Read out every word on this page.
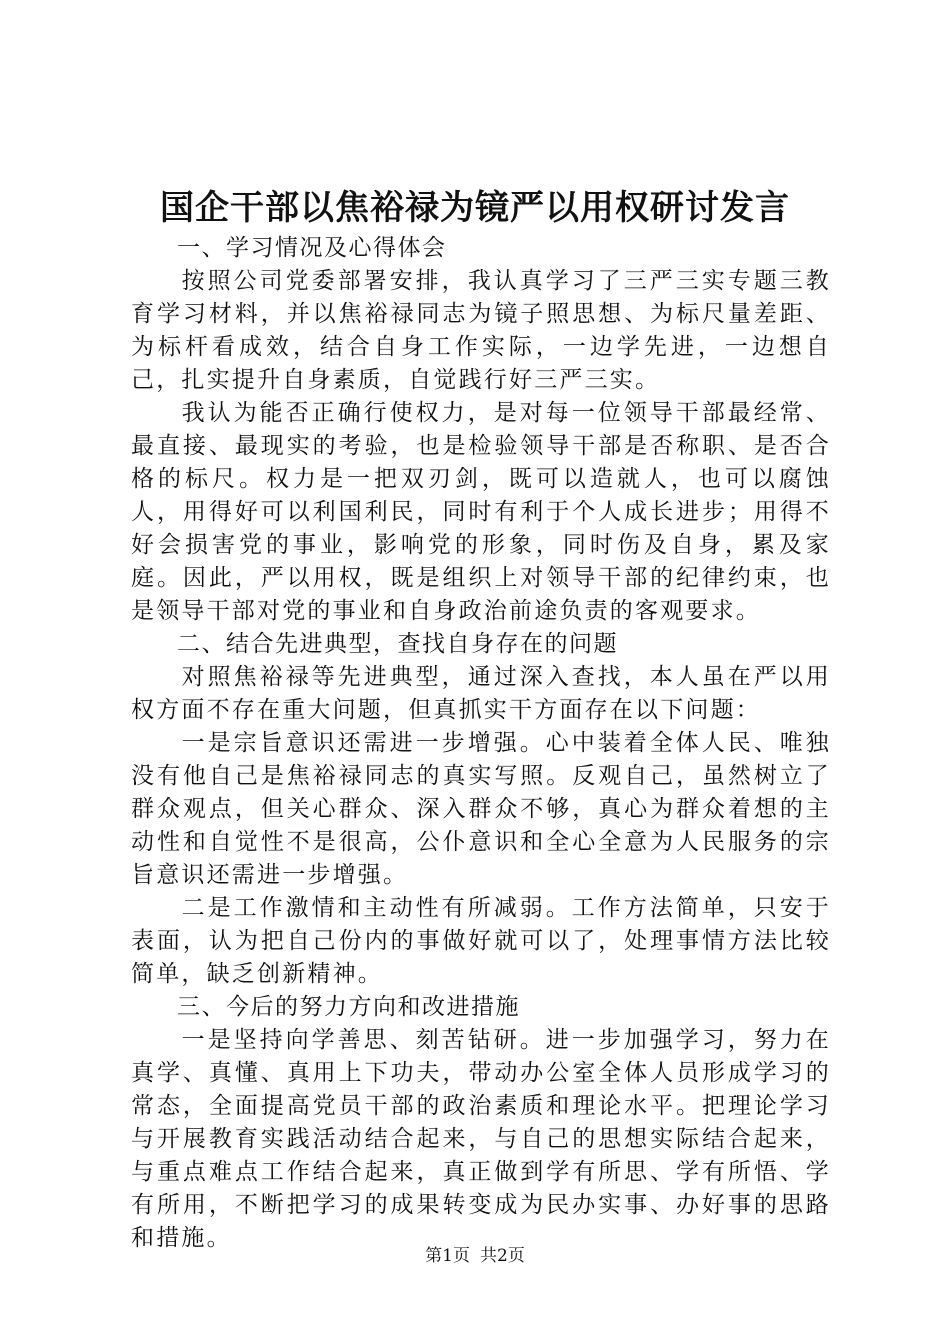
国企干部以焦裕禄为镜严以用权研讨发言

一、学习情况及心得体会

按照公司党委部署安排，我认真学习了三严三实专题三教育学习材料，并以焦裕禄同志为镜子照思想、为标尺量差距、为标杆看成效，结合自身工作实际，一边学先进，一边想自己，扎实提升自身素质，自觉践行好三严三实。

我认为能否正确行使权力，是对每一位领导干部最经常、最直接、最现实的考验，也是检验领导干部是否称职、是否合格的标尺。权力是一把双刃剑，既可以造就人，也可以腐蚀人，用得好可以利国利民，同时有利于个人成长进步；用得不好会损害党的事业，影响党的形象，同时伤及自身，累及家庭。因此，严以用权，既是组织上对领导干部的纪律约束，也是领导干部对党的事业和自身政治前途负责的客观要求。

二、结合先进典型，查找自身存在的问题

对照焦裕禄等先进典型，通过深入查找，本人虽在严以用权方面不存在重大问题，但真抓实干方面存在以下问题：

一是宗旨意识还需进一步增强。心中装着全体人民、唯独没有他自己是焦裕禄同志的真实写照。反观自己，虽然树立了群众观点，但关心群众、深入群众不够，真心为群众着想的主动性和自觉性不是很高，公仆意识和全心全意为人民服务的宗旨意识还需进一步增强。

二是工作激情和主动性有所减弱。工作方法简单，只安于表面，认为把自己份内的事做好就可以了，处理事情方法比较简单，缺乏创新精神。

三、今后的努力方向和改进措施

一是坚持向学善思、刻苦钻研。进一步加强学习，努力在真学、真懂、真用上下功夫，带动办公室全体人员形成学习的常态，全面提高党员干部的政治素质和理论水平。把理论学习与开展教育实践活动结合起来，与自己的思想实际结合起来，与重点难点工作结合起来，真正做到学有所思、学有所悟、学有所用，不断把学习的成果转变成为民办实事、办好事的思路和措施。

第1页 共2页
